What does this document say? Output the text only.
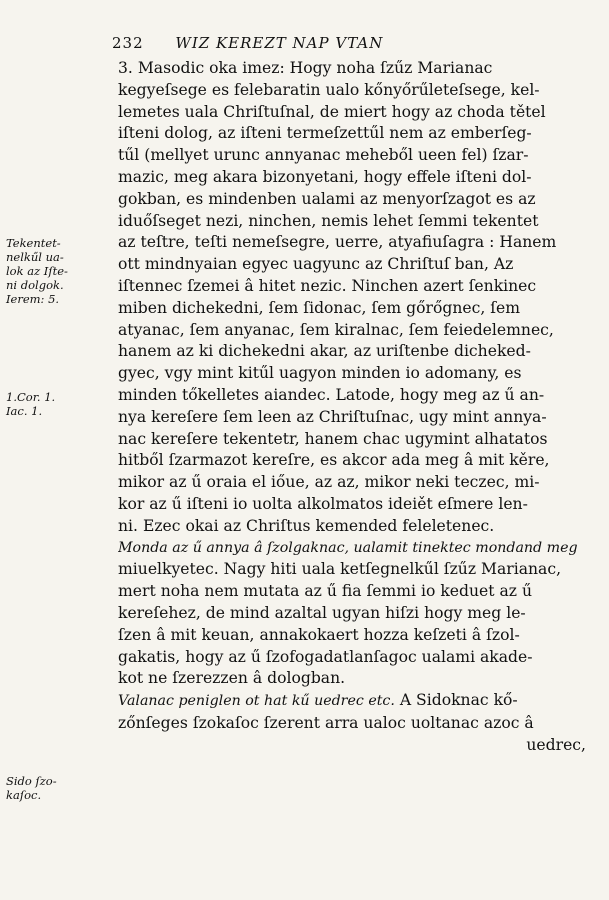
232 WIZ KEREZT NAP VTAN
3. Masodic oka imez: Hogy noha ſzűz Marianac
kegyeſsege es felebaratin ualo kőnyőrűleteſsege, kel-
lemetes uala Chriſtuſnal, de miert hogy az choda tětel
iſteni dolog, az iſteni termeſzettűl nem az emberſeg-
tűl (mellyet urunc annyanac meheből ueen fel) ſzar-
mazic, meg akara bizonyetani, hogy effele iſteni dol-
gokban, es mindenben ualami az menyorſzagot es az
iduőſseget nezi, ninchen, nemis lehet ſemmi tekentet
az teſtre, teſti nemeſsegre, uerre, atyafiuſagra : Hanem
ott mindnyaian egyec uagyunc az Chriſtuſ ban, Az
iſtennec ſzemei â hitet nezic. Ninchen azert ſenkinec
miben dichekedni, ſem ſidonac, ſem gőrőgnec, ſem
atyanac, ſem anyanac, ſem kiralnac, ſem feiedelemnec,
hanem az ki dichekedni akar, az uriſtenbe dicheked-
gyec, vgy mint kitűl uagyon minden io adomany, es
minden tőkelletes aiandec. Latode, hogy meg az ű an-
nya kereſere ſem leen az Chriſtuſnac, ugy mint annya-
nac kereſere tekentetr, hanem chac ugymint alhatatos
hitből ſzarmazot kereſre, es akcor ada meg â mit kěre,
mikor az ű oraia el iőue, az az, mikor neki teczec, mi-
kor az ű iſteni io uolta alkolmatos ideiět eſmere len-
ni. Ezec okai az Chriſtus kemended feleletenec.
Monda az ű annya â ſzolgaknac, ualamit tinektec mondand meg
miuelkyetec. Nagy hiti uala ketſegnelkűl ſzűz Marianac,
mert noha nem mutata az ű fia ſemmi io keduet az ű
kereſehez, de mind azaltal ugyan hiſzi hogy meg le-
ſzen â mit keuan, annakokaert hozza keſzeti â ſzol-
gakatis, hogy az ű ſzofogadatlanſagoc ualami akade-
kot ne ſzerezzen â dologban.
Valanac peniglen ot hat kű uedrec etc. A Sidoknac kő-
zőnſeges ſzokaſoc ſzerent arra ualoc uoltanac azoc â
uedrec,
Tekentet-
nelkűl ua-
lok az Iſte-
ni dolgok.
Ierem: 5.
1.Cor. 1.
Iac. 1.
Sido ſzo-
kaſoc.
